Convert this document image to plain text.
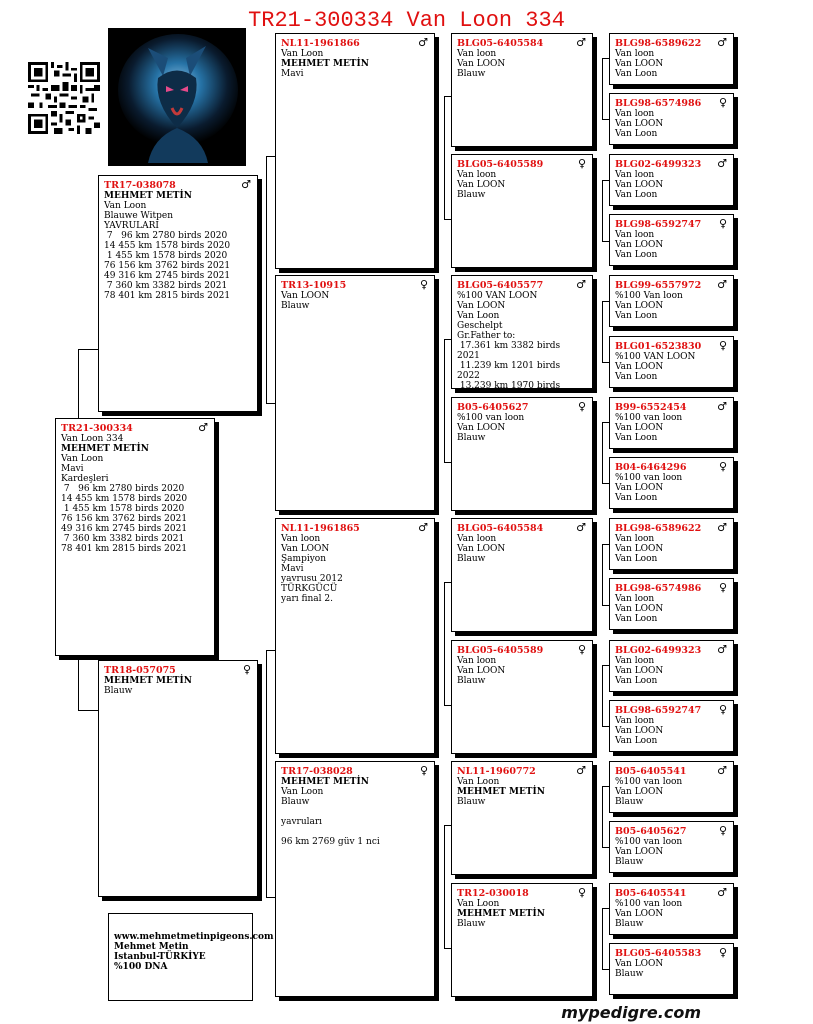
TR21-300334 Van Loon 334
TR21-300334	♂
Van Loon 334
MEHMET METİN
Van Loon
Mavi
Kardeşleri
7   96 km 2780 birds 2020
14 455 km 1578 birds 2020
1 455 km 1578 birds 2020
76 156 km 3762 birds 2021
49 316 km 2745 birds 2021
7 360 km 3382 birds 2021
78 401 km 2815 birds 2021
TR17-038078	♂
MEHMET METİN
Van Loon
Blauwe Witpen
YAVRULARI
7   96 km 2780 birds 2020
14 455 km 1578 birds 2020
1 455 km 1578 birds 2020
76 156 km 3762 birds 2021
49 316 km 2745 birds 2021
7 360 km 3382 birds 2021
78 401 km 2815 birds 2021
TR18-057075	♀
MEHMET METİN
Blauw
NL11-1961866	♂
Van Loon
MEHMET METİN
Mavi
TR13-10915	♀
Van LOON
Blauw
NL11-1961865	♂
Van loon
Van LOON
Şampiyon
Mavi
yavrusu 2012
TÜRKGÜCÜ
yarı final 2.
TR17-038028	♀
MEHMET METİN
Van Loon
Blauw
yavruları
96 km 2769 güv 1 nci
BLG05-6405584	♂
Van loon
Van LOON
Blauw
BLG05-6405589	♀
Van loon
Van LOON
Blauw
BLG05-6405577	♂
%100 VAN LOON
Van LOON
Van Loon
Geschelpt
Gr.Father to:
17.361 km 3382 birds
2021
11.239 km 1201 birds
2022
13.239 km 1970 birds
B05-6405627	♀
%100 van loon
Van LOON
Blauw
BLG05-6405584	♂
Van loon
Van LOON
Blauw
BLG05-6405589	♀
Van loon
Van LOON
Blauw
NL11-1960772	♂
Van Loon
MEHMET METİN
Blauw
TR12-030018	♀
Van Loon
MEHMET METİN
Blauw
BLG98-6589622	♂
Van loon
Van LOON
Van Loon
BLG98-6574986	♀
Van loon
Van LOON
Van Loon
BLG02-6499323	♂
Van loon
Van LOON
Van Loon
BLG98-6592747	♀
Van loon
Van LOON
Van Loon
BLG99-6557972	♂
%100 Van loon
Van LOON
Van Loon
BLG01-6523830	♀
%100 VAN LOON
Van LOON
Van Loon
B99-6552454	♂
%100 van loon
Van LOON
Van Loon
B04-6464296	♀
%100 van loon
Van LOON
Van Loon
BLG98-6589622	♂
Van loon
Van LOON
Van Loon
BLG98-6574986	♀
Van loon
Van LOON
Van Loon
BLG02-6499323	♂
Van loon
Van LOON
Van Loon
BLG98-6592747	♀
Van loon
Van LOON
Van Loon
B05-6405541	♂
%100 van loon
Van LOON
Blauw
B05-6405627	♀
%100 van loon
Van LOON
Blauw
B05-6405541	♂
%100 van loon
Van LOON
Blauw
BLG05-6405583	♀
Van LOON
Blauw
www.mehmetmetinpigeons.com
Mehmet Metin
Istanbul-TÜRKİYE
%100 DNA
mypedigre.com
